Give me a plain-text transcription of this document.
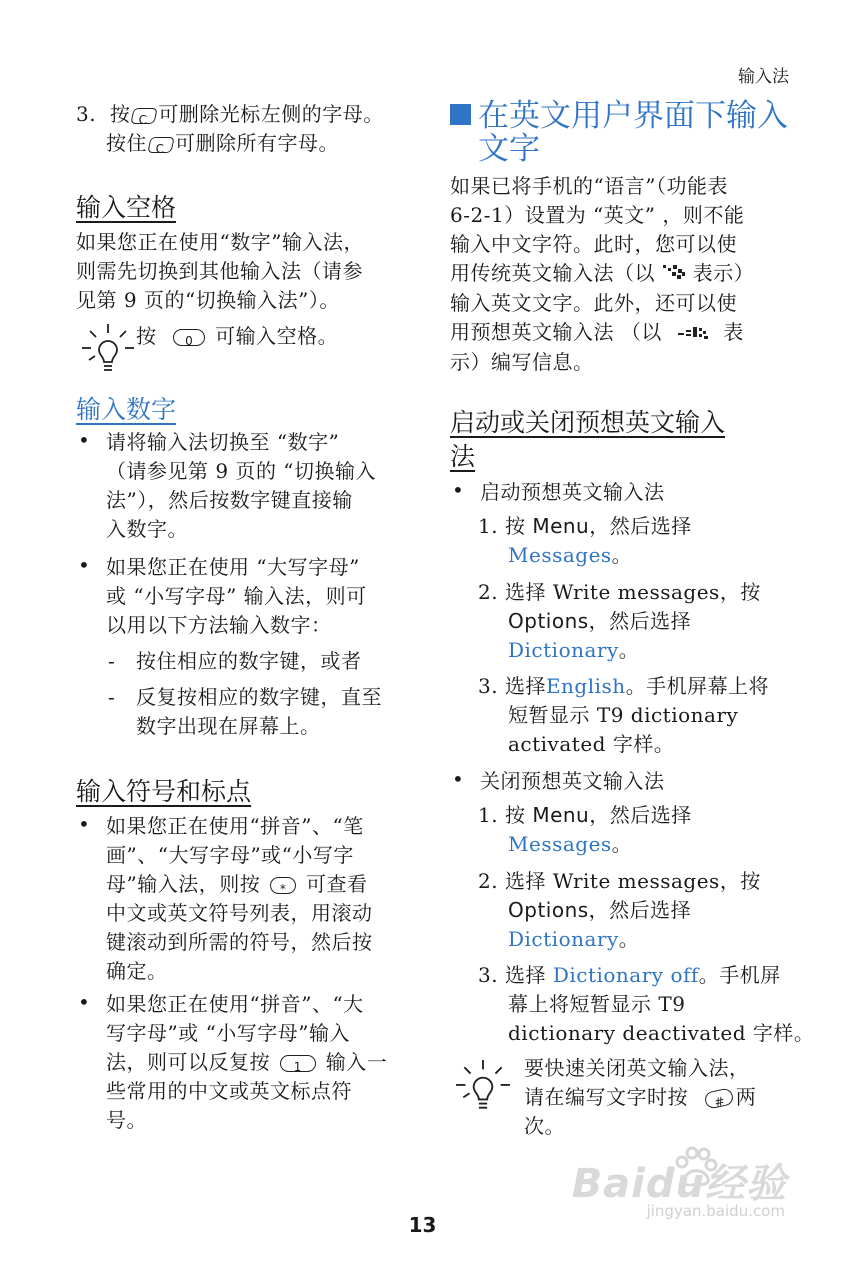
输入法
3. 按 C 可删除光标左侧的字母。
按住 C 可删除所有字母。
输入空格
如果您正在使用“数字”输入法，
则需先切换到其他输入法（请参
见第 9 页的“切换输入法”）。
按	0	可输入空格。
输入数字
• 请将输入法切换至 “数字”
（请参见第 9 页的 “切换输入
法”），然后按数字键直接输
入数字。
• 如果您正在使用 “大写字母”
或 “小写字母” 输入法，则可
以用以下方法输入数字：
- 按住相应的数字键，或者
- 反复按相应的数字键，直至
数字出现在屏幕上。
输入符号和标点
• 如果您正在使用“拼音”、“笔
画”、“大写字母”或“小写字
母”输入法，则按	* 可查看
中文或英文符号列表，用滚动
键滚动到所需的符号，然后按
确定。
• 如果您正在使用“拼音”、“大
写字母”或 “小写字母”输入
法，则可以反复按	1	输入一
些常用的中文或英文标点符
号。
在英文用户界面下输入
文字
如果已将手机的“语言”（功能表
6-2-1）设置为 “英文” ，则不能
输入中文字符。此时，您可以使
用传统英文输入法（以 表示）
输入英文文字。此外，还可以使
用预想英文输入法 （以	表
示）编写信息。
启动或关闭预想英文输入
法
• 启动预想英文输入法
1. 按 Menu，然后选择
Messages。
2. 选择 Write messages，按
Options，然后选择
Dictionary。
3. 选择English。手机屏幕上将
短暂显示 T9 dictionary
activated 字样。
• 关闭预想英文输入法
1. 按 Menu，然后选择
Messages。
2. 选择 Write messages，按
Options，然后选择
Dictionary。
3. 选择 Dictionary off。手机屏
幕上将短暂显示 T9
dictionary deactivated 字样。
要快速关闭英文输入法，
请在编写文字时按	# 两
次。
Baidu经验
jingyan.baidu.com
13
